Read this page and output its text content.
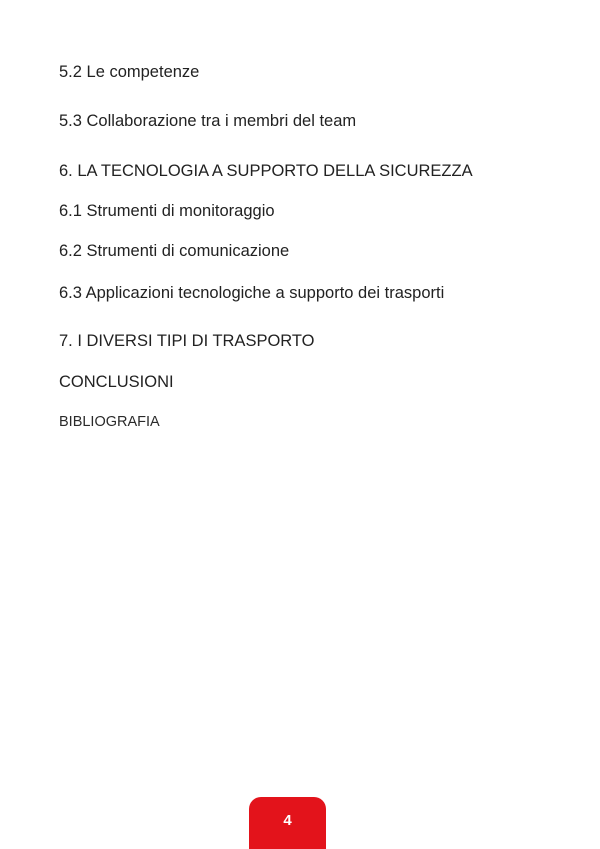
5.2 Le competenze
5.3 Collaborazione tra i membri del team
6. LA TECNOLOGIA A SUPPORTO DELLA SICUREZZA
6.1 Strumenti di monitoraggio
6.2 Strumenti di comunicazione
6.3 Applicazioni tecnologiche a supporto dei trasporti
7. I DIVERSI TIPI DI TRASPORTO
CONCLUSIONI
BIBLIOGRAFIA
4
